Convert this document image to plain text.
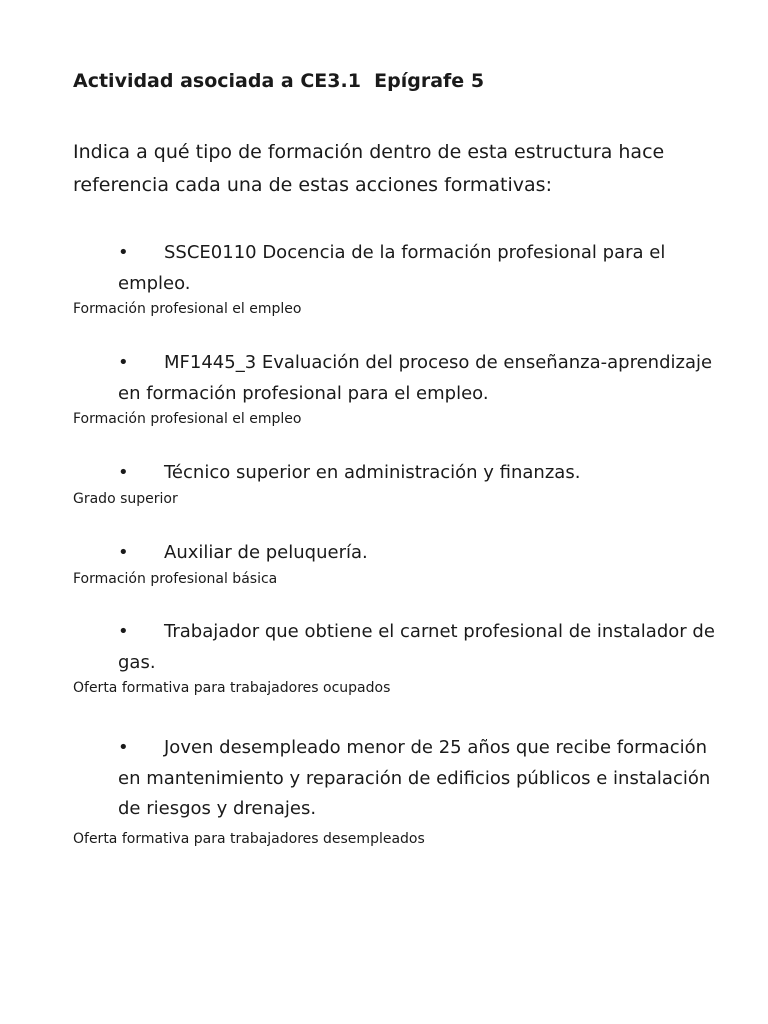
Actividad asociada a CE3.1  Epígrafe 5

Indica a qué tipo de formación dentro de esta estructura hace referencia cada una de estas acciones formativas:

•	SSCE0110 Docencia de la formación profesional para el empleo.
Formación profesional el empleo
•	MF1445_3 Evaluación del proceso de enseñanza-aprendizaje en formación profesional para el empleo.
Formación profesional el empleo
•	Técnico superior en administración y finanzas.
Grado superior
•	Auxiliar de peluquería.
Formación profesional básica
•	Trabajador que obtiene el carnet profesional de instalador de gas.
Oferta formativa para trabajadores ocupados
•	Joven desempleado menor de 25 años que recibe formación en mantenimiento y reparación de edificios públicos e instalación de riesgos y drenajes.
Oferta formativa para trabajadores desempleados
